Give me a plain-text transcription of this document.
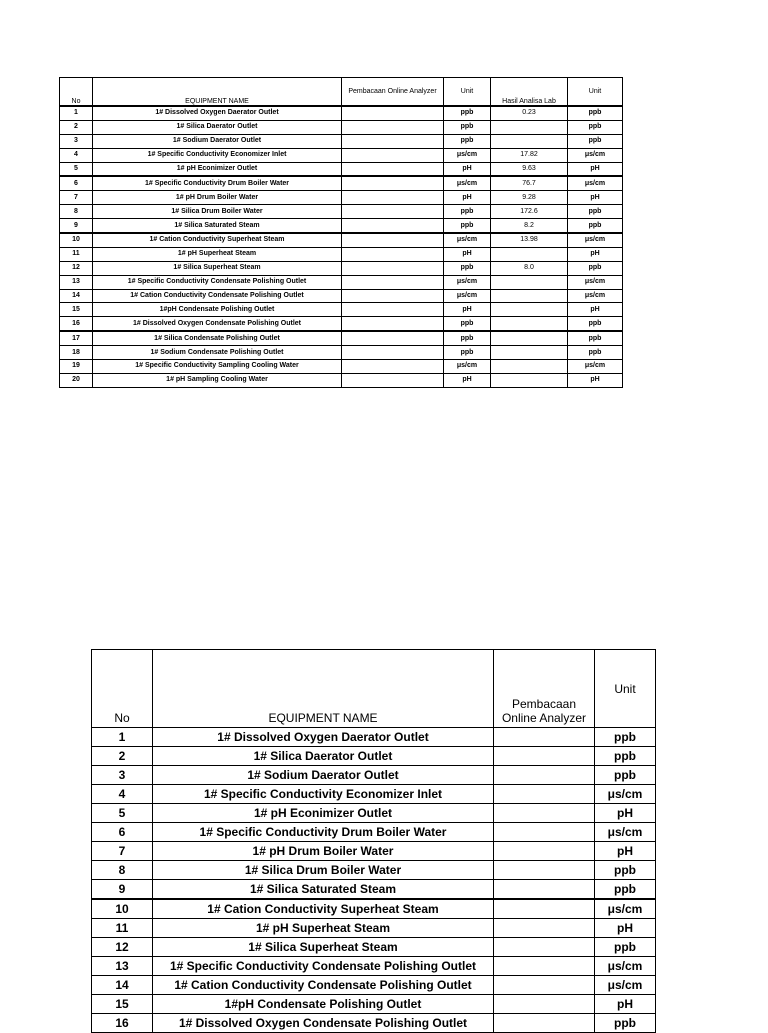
No	EQUIPMENT NAME	Pembacaan Online Analyzer	Unit	Hasil Analisa Lab	Unit
1	1# Dissolved Oxygen Daerator Outlet		ppb	0.23	ppb
2	1# Silica Daerator Outlet		ppb		ppb
3	1# Sodium Daerator Outlet		ppb		ppb
4	1# Specific Conductivity Economizer Inlet		μs/cm	17.82	μs/cm
5	1# pH Econimizer Outlet		pH	9.63	pH
6	1# Specific Conductivity Drum Boiler Water		μs/cm	76.7	μs/cm
7	1# pH Drum Boiler Water		pH	9.28	pH
8	1# Silica Drum Boiler Water		ppb	172.6	ppb
9	1# Silica Saturated Steam		ppb	8.2	ppb
10	1# Cation Conductivity Superheat Steam		μs/cm	13.98	μs/cm
11	1# pH Superheat Steam		pH		pH
12	1# Silica Superheat Steam		ppb	8.0	ppb
13	1# Specific Conductivity Condensate Polishing Outlet		μs/cm		μs/cm
14	1# Cation Conductivity Condensate Polishing Outlet		μs/cm		μs/cm
15	1#pH Condensate Polishing Outlet		pH		pH
16	1# Dissolved Oxygen Condensate Polishing Outlet		ppb		ppb
17	1# Silica Condensate Polishing Outlet		ppb		ppb
18	1# Sodium Condensate Polishing Outlet		ppb		ppb
19	1# Specific Conductivity Sampling Cooling Water		μs/cm		μs/cm
20	1# pH Sampling Cooling Water		pH		pH
No	EQUIPMENT NAME	Pembacaan Online Analyzer	Unit
1	1# Dissolved Oxygen Daerator Outlet		ppb
2	1# Silica Daerator Outlet		ppb
3	1# Sodium Daerator Outlet		ppb
4	1# Specific Conductivity Economizer Inlet		μs/cm
5	1# pH Econimizer Outlet		pH
6	1# Specific Conductivity Drum Boiler Water		μs/cm
7	1# pH Drum Boiler Water		pH
8	1# Silica Drum Boiler Water		ppb
9	1# Silica Saturated Steam		ppb
10	1# Cation Conductivity Superheat Steam		μs/cm
11	1# pH Superheat Steam		pH
12	1# Silica Superheat Steam		ppb
13	1# Specific Conductivity Condensate Polishing Outlet		μs/cm
14	1# Cation Conductivity Condensate Polishing Outlet		μs/cm
15	1#pH Condensate Polishing Outlet		pH
16	1# Dissolved Oxygen Condensate Polishing Outlet		ppb
